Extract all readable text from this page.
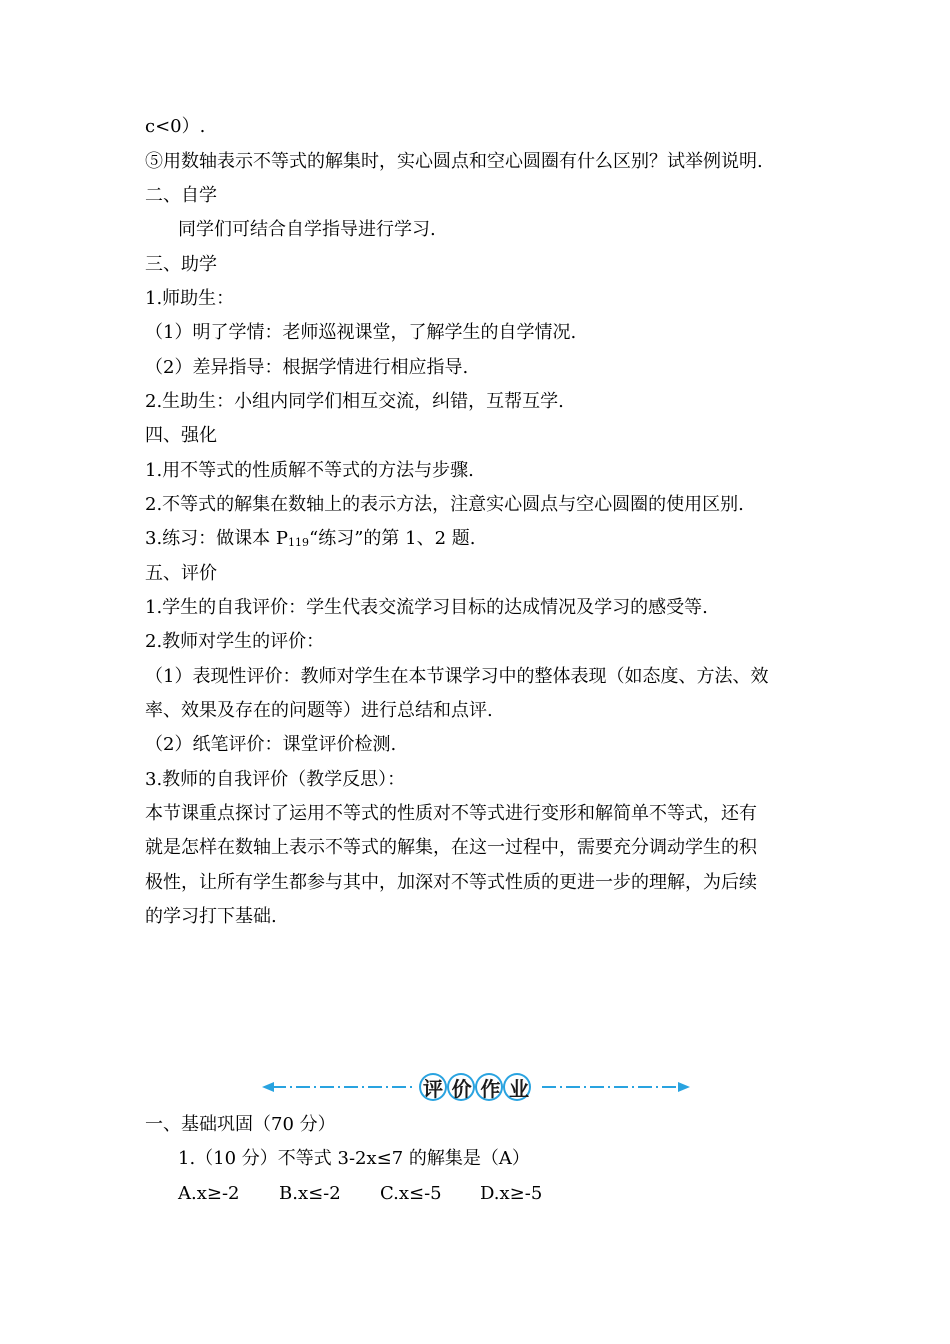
c<0）.
⑤用数轴表示不等式的解集时，实心圆点和空心圆圈有什么区别？试举例说明.
二、自学
同学们可结合自学指导进行学习.
三、助学
1.师助生：
（1）明了学情：老师巡视课堂，了解学生的自学情况.
（2）差异指导：根据学情进行相应指导.
2.生助生：小组内同学们相互交流，纠错，互帮互学.
四、强化
1.用不等式的性质解不等式的方法与步骤.
2.不等式的解集在数轴上的表示方法，注意实心圆点与空心圆圈的使用区别.
3.练习：做课本 $P_{119}“$练习”的第 1、2 题.
五、评价
1.学生的自我评价：学生代表交流学习目标的达成情况及学习的感受等.
2.教师对学生的评价：
（1）表现性评价：教师对学生在本节课学习中的整体表现（如态度、方法、效
率、效果及存在的问题等）进行总结和点评.
（2）纸笔评价：课堂评价检测.
3.教师的自我评价（教学反思）：
本节课重点探讨了运用不等式的性质对不等式进行变形和解简单不等式，还有
就是怎样在数轴上表示不等式的解集，在这一过程中，需要充分调动学生的积
极性，让所有学生都参与其中，加深对不等式性质的更进一步的理解，为后续
的学习打下基础.
评 价 作 业
一、基础巩固（70 分）
1.（10 分）不等式 3-2x≤7 的解集是（A）
A.x≥-2 B.x≤-2 C.x≤-5 D.x≥-5
